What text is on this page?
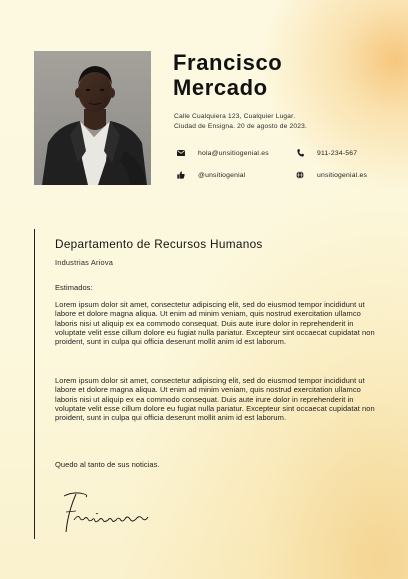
Francisco
Mercado
Calle Cualquiera 123, Cualquier Lugar.
Ciudad de Ensigna. 20 de agosto de 2023.
hola@unsitiogenial.es	911-234-567
@unsitiogenial	unsitiogenial.es
Departamento de Recursos Humanos
Industrias Ariova
Estimados:
Lorem ipsum dolor sit amet, consectetur adipiscing elit, sed do eiusmod tempor incididunt ut labore et dolore magna aliqua. Ut enim ad minim veniam, quis nostrud exercitation ullamco laboris nisi ut aliquip ex ea commodo consequat. Duis aute irure dolor in reprehenderit in voluptate velit esse cillum dolore eu fugiat nulla pariatur. Excepteur sint occaecat cupidatat non proident, sunt in culpa qui officia deserunt mollit anim id est laborum.
Lorem ipsum dolor sit amet, consectetur adipiscing elit, sed do eiusmod tempor incididunt ut labore et dolore magna aliqua. Ut enim ad minim veniam, quis nostrud exercitation ullamco laboris nisi ut aliquip ex ea commodo consequat. Duis aute irure dolor in reprehenderit in voluptate velit esse cillum dolore eu fugiat nulla pariatur. Excepteur sint occaecat cupidatat non proident, sunt in culpa qui officia deserunt mollit anim id est laborum.
Quedo al tanto de sus noticias.
